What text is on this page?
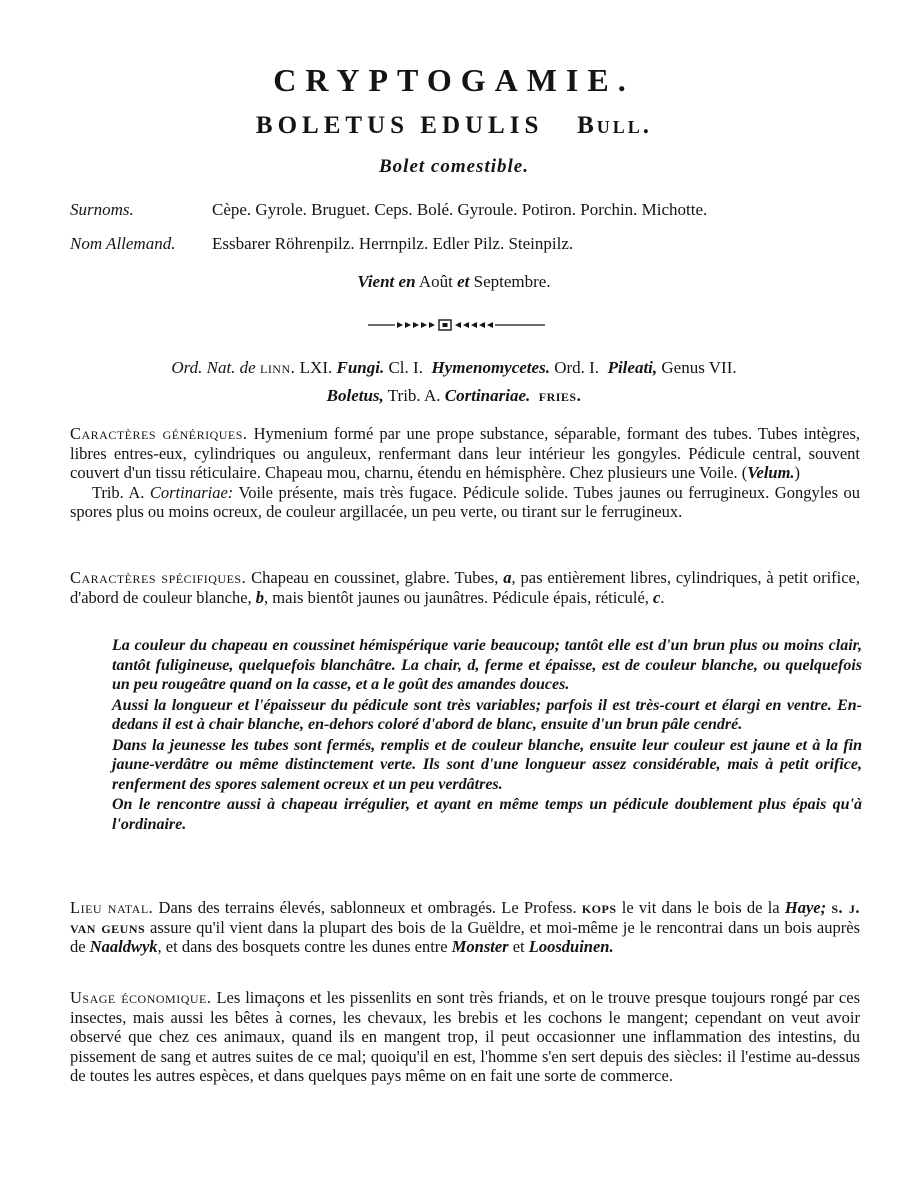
CRYPTOGAMIE.
BOLETUS EDULIS Bull.
Bolet comestible.
Surnoms.	Cèpe. Gyrole. Bruguet. Ceps. Bolé. Gyroule. Potiron. Porchin. Michotte.
Nom Allemand. Essbarer Röhrenpilz. Herrnpilz. Edler Pilz. Steinpilz.
Vient en Août et Septembre.
Ord. Nat. de linn. LXI. Fungi. Cl. I. Hymenomycetes. Ord. I. Pileati, Genus VII.
Boletus, Trib. A. Cortinariae. fries.
Caractères génériques. Hymenium formé par une prope substance, séparable, formant des tubes. Tubes intègres, libres entres-eux, cylindriques ou anguleux, renfermant dans leur intérieur les gongyles. Pédicule central, souvent couvert d'un tissu réticulaire. Chapeau mou, charnu, étendu en hémisphère. Chez plusieurs une Voile. (Velum.)
Trib. A. Cortinariae: Voile présente, mais très fugace. Pédicule solide. Tubes jaunes ou ferrugineux. Gongyles ou spores plus ou moins ocreux, de couleur argillacée, un peu verte, ou tirant sur le ferrugineux.
Caractères spécifiques. Chapeau en coussinet, glabre. Tubes, a, pas entièrement libres, cylindriques, à petit orifice, d'abord de couleur blanche, b, mais bientôt jaunes ou jaunâtres. Pédicule épais, réticulé, c.

La couleur du chapeau en coussinet hémispérique varie beaucoup; tantôt elle est d'un brun plus ou moins clair, tantôt fuligineuse, quelquefois blanchâtre. La chair, d, ferme et épaisse, est de couleur blanche, ou quelquefois un peu rougeâtre quand on la casse, et a le goût des amandes douces.

Aussi la longueur et l'épaisseur du pédicule sont très variables; parfois il est très-court et élargi en ventre. En-dedans il est à chair blanche, en-dehors coloré d'abord de blanc, ensuite d'un brun pâle cendré.

Dans la jeunesse les tubes sont fermés, remplis et de couleur blanche, ensuite leur couleur est jaune et à la fin jaune-verdâtre ou même distinctement verte. Ils sont d'une longueur assez considérable, mais à petit orifice, renferment des spores salement ocreux et un peu verdâtres.

On le rencontre aussi à chapeau irrégulier, et ayant en même temps un pédicule doublement plus épais qu'à l'ordinaire.

Lieu natal. Dans des terrains élevés, sablonneux et ombragés. Le Profess. kops le vit dans le bois de la Haye; s. j. van geuns assure qu'il vient dans la plupart des bois de la Guëldre, et moi-même je le rencontrai dans un bois auprès de Naaldwyk, et dans des bosquets contre les dunes entre Monster et Loosduinen.
Usage économique. Les limaçons et les pissenlits en sont très friands, et on le trouve presque toujours rongé par ces insectes, mais aussi les bêtes à cornes, les chevaux, les brebis et les cochons le mangent; cependant on veut avoir observé que chez ces animaux, quand ils en mangent trop, il peut occasionner une inflammation des intestins, du pissement de sang et autres suites de ce mal; quoiqu'il en est, l'homme s'en sert depuis des siècles: il l'estime au-dessus de toutes les autres espèces, et dans quelques pays même on en fait une sorte de commerce.
